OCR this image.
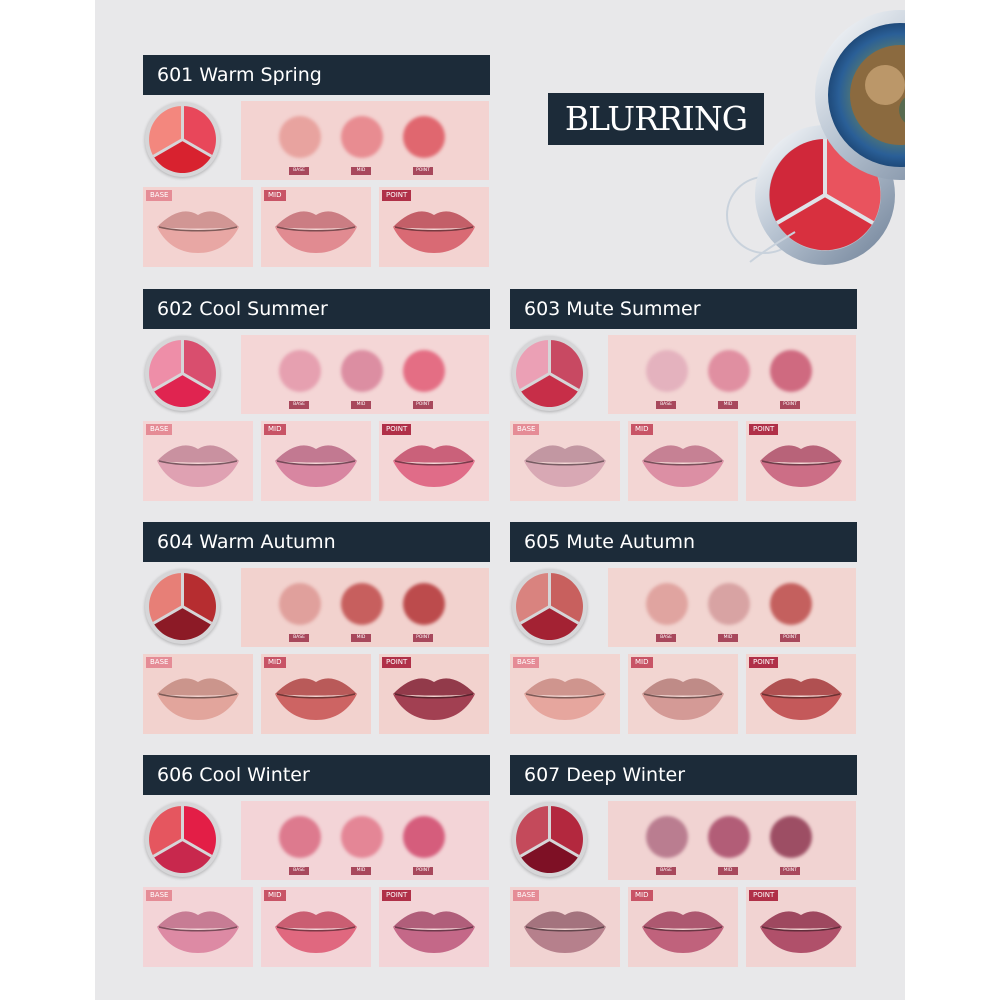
BLURRING
601 Warm Spring
BASE	MID	POINT
BASE	MID	POINT
602 Cool Summer
BASE	MID	POINT
BASE	MID	POINT
603 Mute Summer
BASE	MID	POINT
BASE	MID	POINT
604 Warm Autumn
BASE	MID	POINT
BASE	MID	POINT
605 Mute Autumn
BASE	MID	POINT
BASE	MID	POINT
606 Cool Winter
BASE	MID	POINT
BASE	MID	POINT
607 Deep Winter
BASE	MID	POINT
BASE	MID	POINT
